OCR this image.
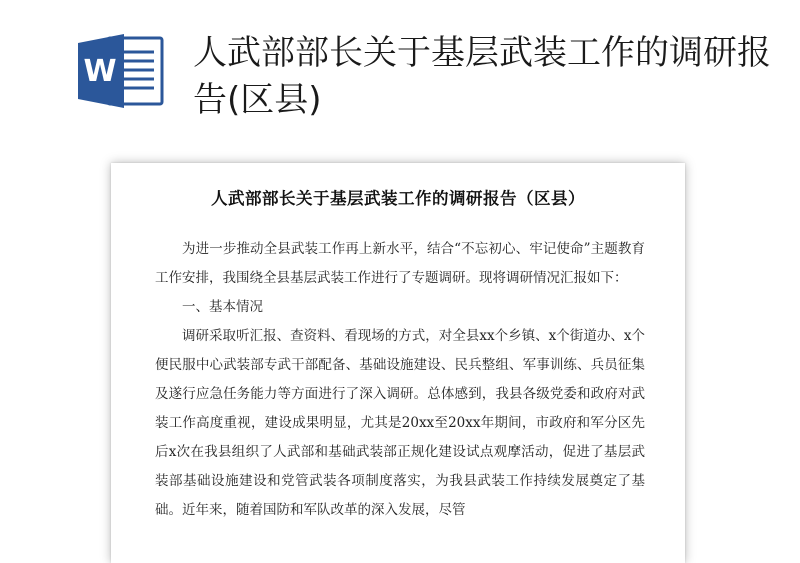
W 人武部部长关于基层武装工作的调研报告(区县)
人武部部长关于基层武装工作的调研报告（区县）

为进一步推动全县武装工作再上新水平，结合“不忘初心、牢记使命”主题教育工作安排，我围绕全县基层武装工作进行了专题调研。现将调研情况汇报如下：

一、基本情况

调研采取听汇报、查资料、看现场的方式，对全县xx个乡镇、x个街道办、x个便民服中心武装部专武干部配备、基础设施建设、民兵整组、军事训练、兵员征集及遂行应急任务能力等方面进行了深入调研。总体感到，我县各级党委和政府对武装工作高度重视，建设成果明显，尤其是20xx至20xx年期间，市政府和军分区先后x次在我县组织了人武部和基础武装部正规化建设试点观摩活动，促进了基层武装部基础设施建设和党管武装各项制度落实，为我县武装工作持续发展奠定了基础。近年来，随着国防和军队改革的深入发展，尽管
